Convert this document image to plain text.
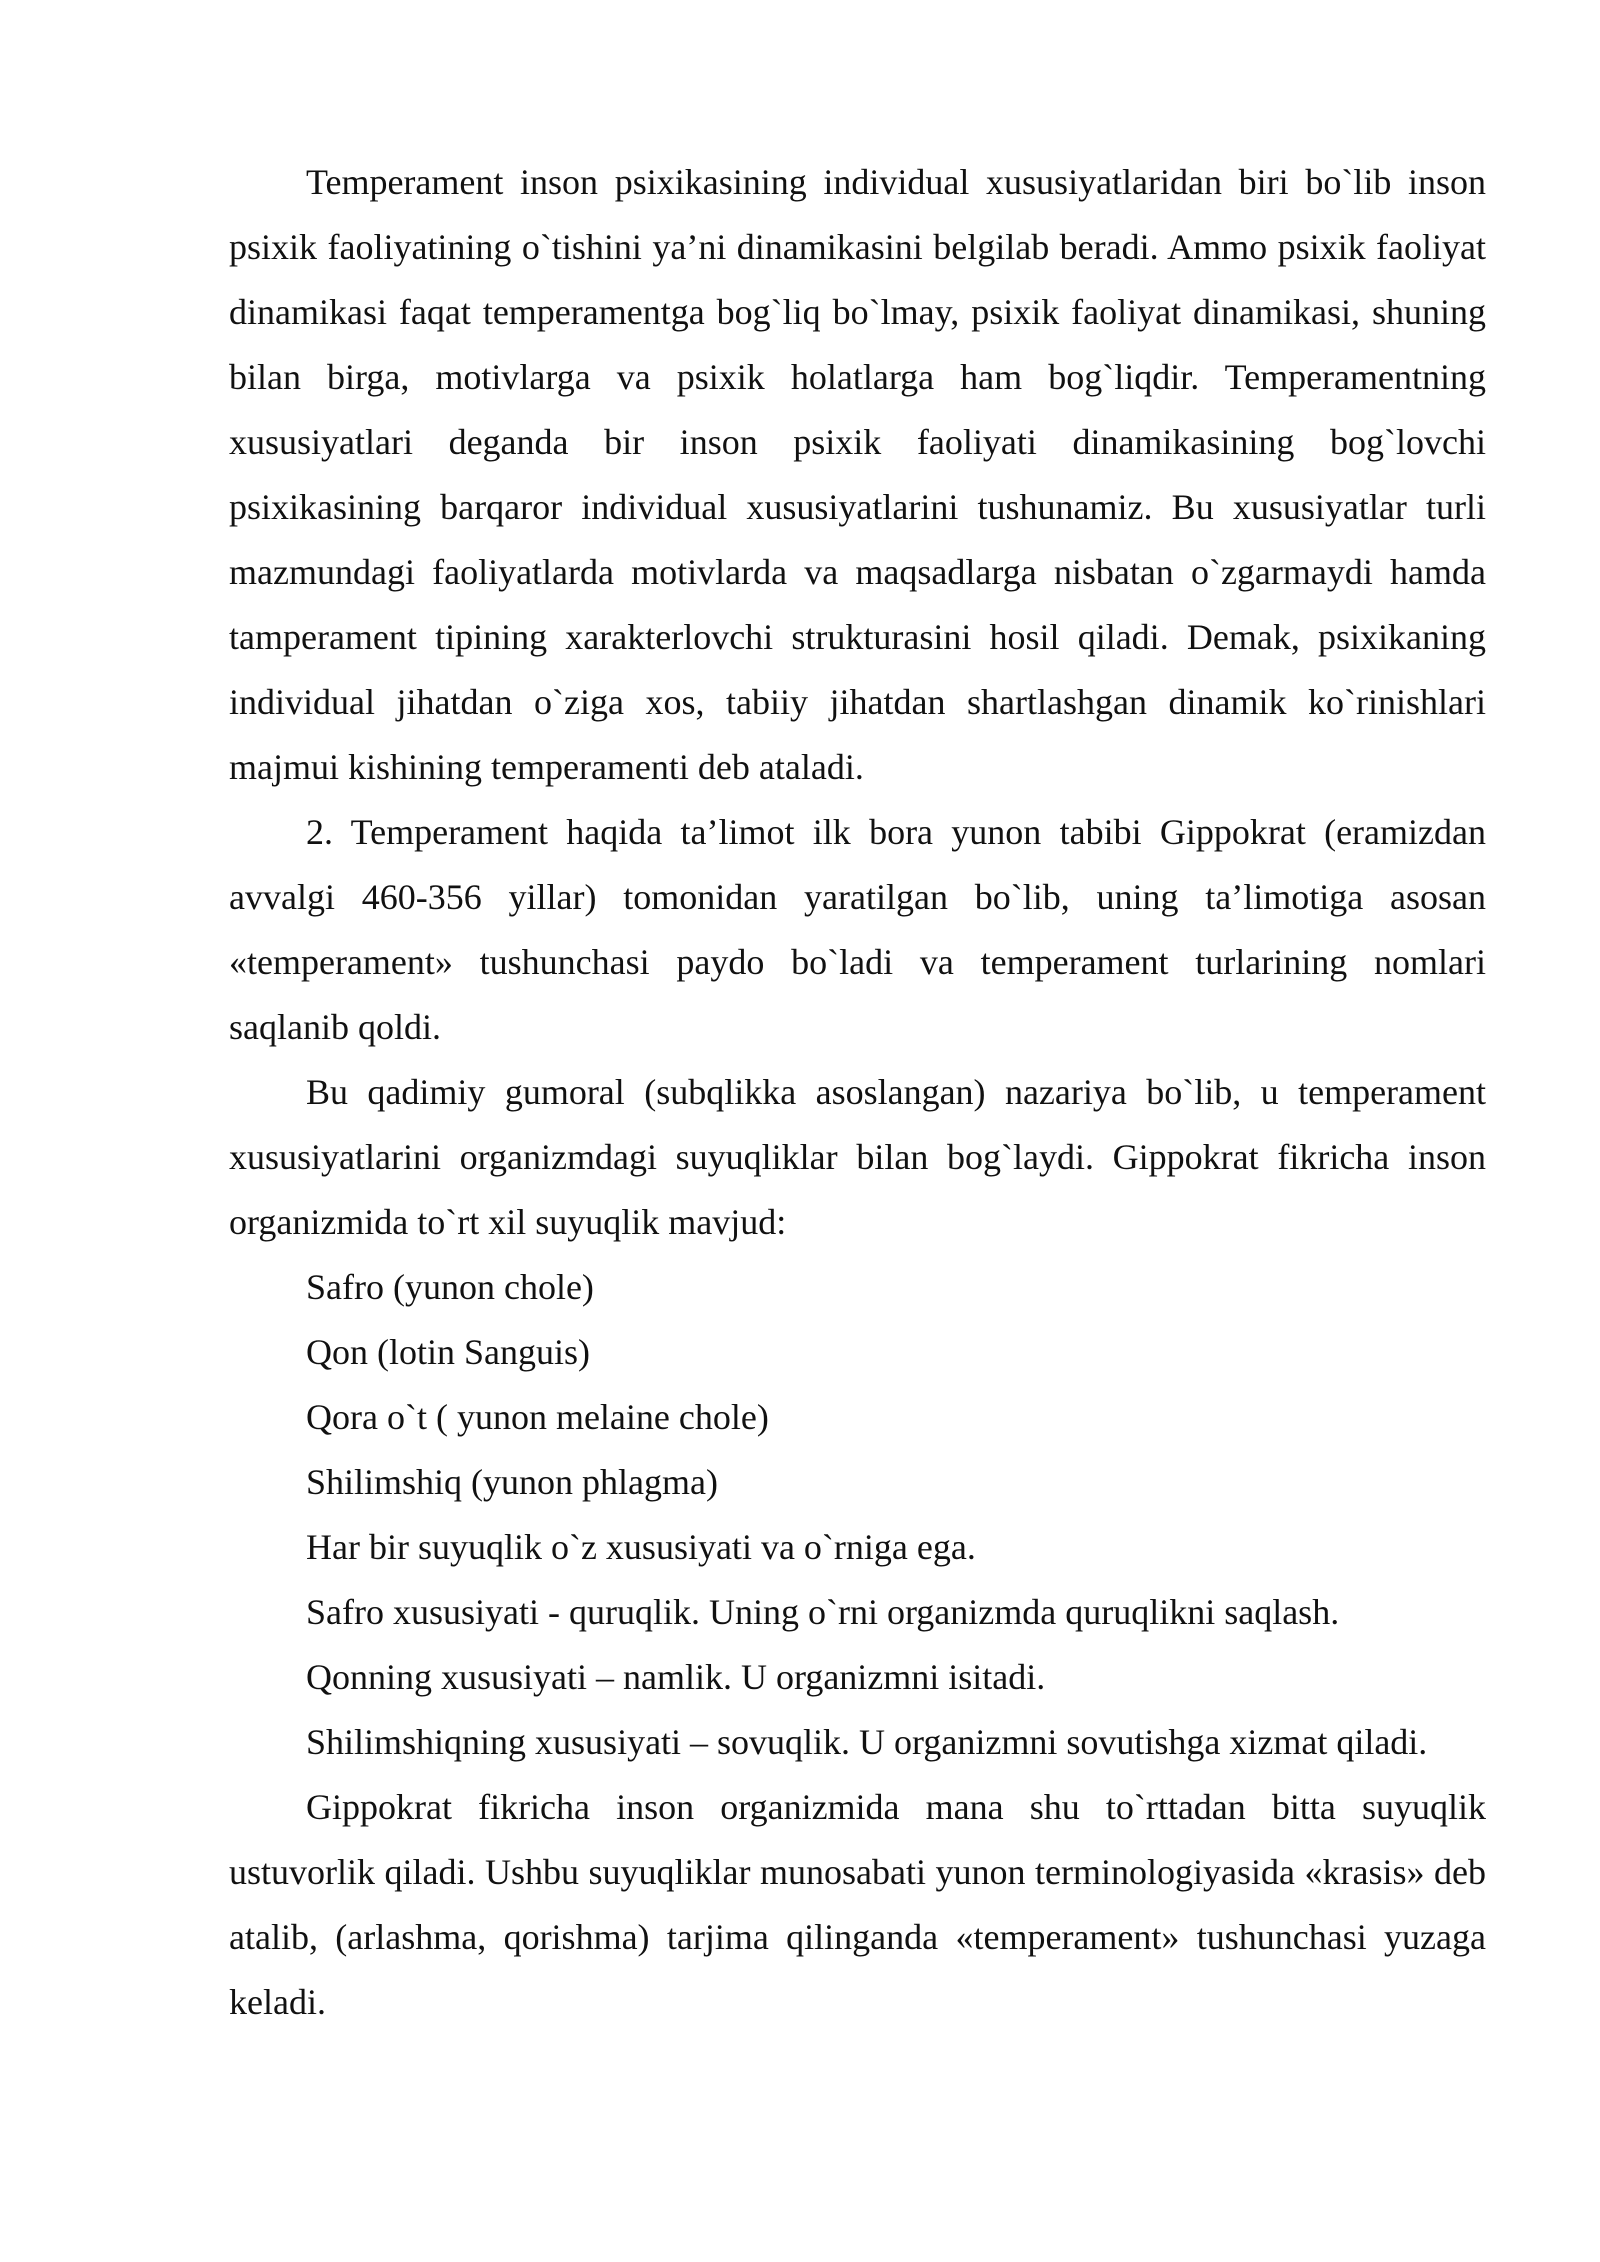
Temperament inson psixikasining individual xususiyatlaridan biri bo`lib inson psixik faoliyatining o`tishini ya’ni dinamikasini belgilab beradi. Ammo psixik faoliyat dinamikasi faqat temperamentga bog`liq bo`lmay, psixik faoliyat dinamikasi, shuning bilan birga, motivlarga va psixik holatlarga ham bog`liqdir. Temperamentning xususiyatlari deganda bir inson psixik faoliyati dinamikasining bog`lovchi psixikasining barqaror individual xususiyatlarini tushunamiz. Bu xususiyatlar turli mazmundagi faoliyatlarda motivlarda va maqsadlarga nisbatan o`zgarmaydi hamda tamperament tipining xarakterlovchi strukturasini hosil qiladi. Demak, psixikaning individual jihatdan o`ziga xos, tabiiy jihatdan shartlashgan dinamik ko`rinishlari majmui kishining temperamenti deb ataladi.

2. Temperament haqida ta’limot ilk bora yunon tabibi Gippokrat (eramizdan avvalgi 460-356 yillar) tomonidan yaratilgan bo`lib, uning ta’limotiga asosan «temperament» tushunchasi paydo bo`ladi va temperament turlarining nomlari saqlanib qoldi.

Bu qadimiy gumoral (subqlikka asoslangan) nazariya bo`lib, u temperament xususiyatlarini organizmdagi suyuqliklar bilan bog`laydi. Gippokrat fikricha inson organizmida to`rt xil suyuqlik mavjud:

Safro (yunon chole)

Qon (lotin Sanguis)

Qora o`t ( yunon melaine chole)

Shilimshiq (yunon phlagma)

Har bir suyuqlik o`z xususiyati va o`rniga ega.

Safro xususiyati - quruqlik. Uning o`rni organizmda quruqlikni saqlash.

Qonning xususiyati – namlik. U organizmni isitadi.

Shilimshiqning xususiyati – sovuqlik. U organizmni sovutishga xizmat qiladi.

Gippokrat fikricha inson organizmida mana shu to`rttadan bitta suyuqlik ustuvorlik qiladi. Ushbu suyuqliklar munosabati yunon terminologiyasida «krasis» deb atalib, (arlashma, qorishma) tarjima qilinganda «temperament» tushunchasi yuzaga keladi.
